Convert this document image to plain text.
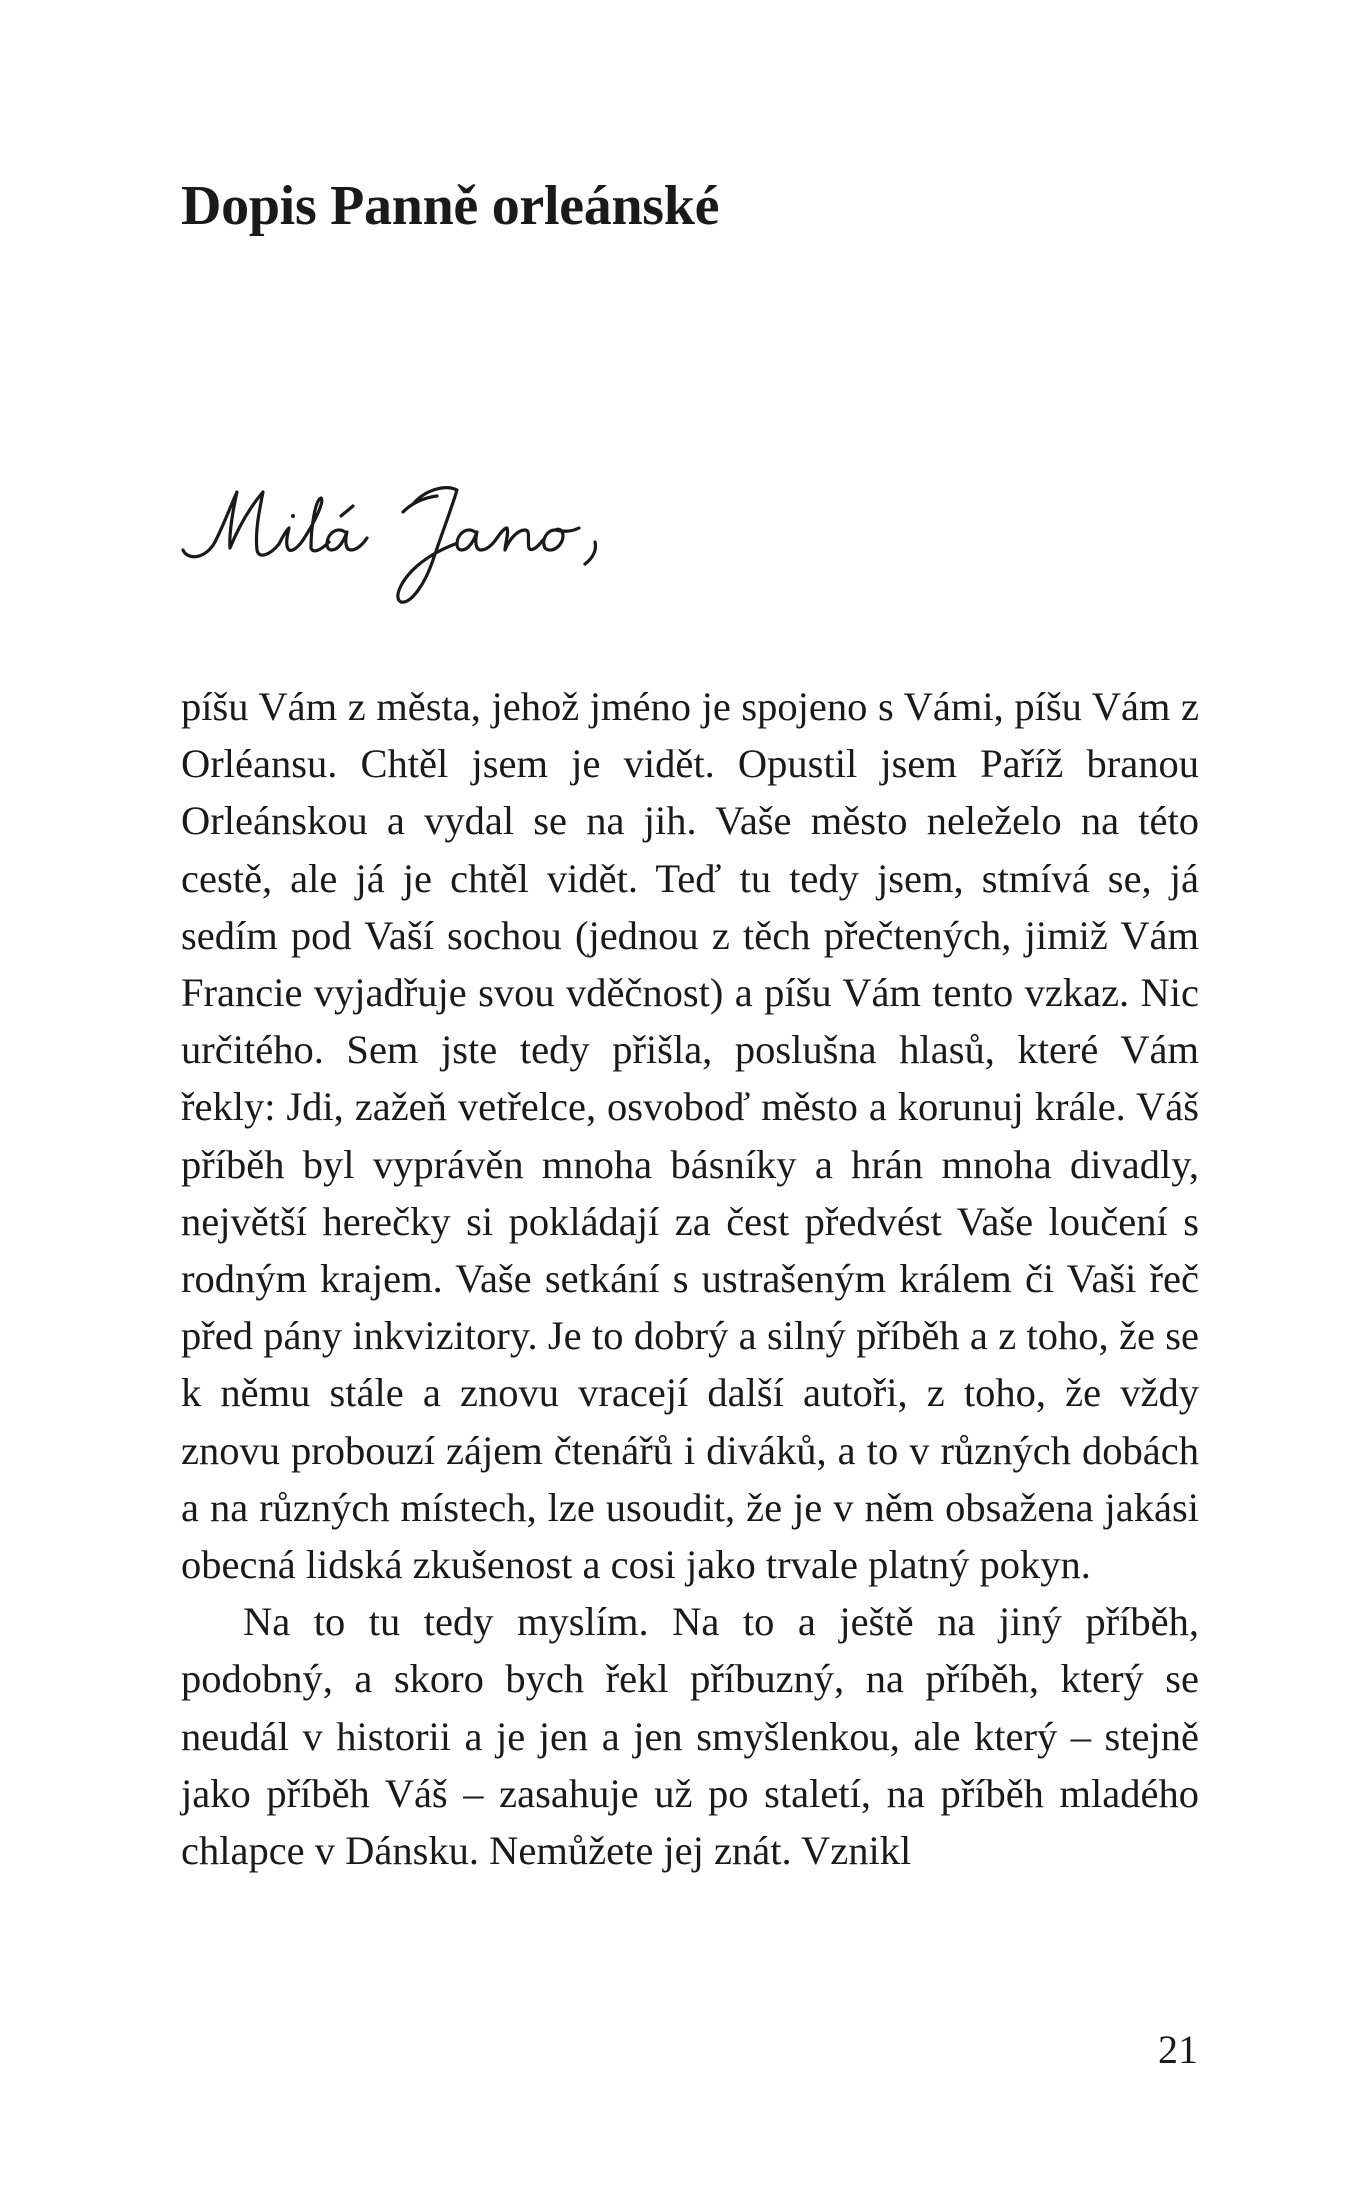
Dopis Panně orleánské

píšu Vám z města, jehož jméno je spojeno s Vámi, píšu Vám z Orléansu. Chtěl jsem je vidět. Opustil jsem Paříž branou Orleánskou a vydal se na jih. Vaše město neleželo na této cestě, ale já je chtěl vidět. Teď tu tedy jsem, stmívá se, já sedím pod Vaší sochou (jednou z těch přečtených, jimiž Vám Francie vyjadřuje svou vděčnost) a píšu Vám tento vzkaz. Nic určitého. Sem jste tedy přišla, poslušna hlasů, které Vám řekly: Jdi, zažeň vetřelce, osvoboď město a korunuj krále. Váš příběh byl vyprávěn mnoha básníky a hrán mnoha divadly, největší herečky si pokládají za čest předvést Vaše loučení s rodným krajem. Vaše setkání s ustrašeným králem či Vaši řeč před pány inkvizitory. Je to dobrý a silný příběh a z toho, že se k němu stále a znovu vracejí další autoři, z toho, že vždy znovu probouzí zájem čtenářů i diváků, a to v různých dobách a na různých místech, lze usoudit, že je v něm obsažena jakási obecná lidská zkušenost a cosi jako trvale platný pokyn.

Na to tu tedy myslím. Na to a ještě na jiný příběh, podobný, a skoro bych řekl příbuzný, na příběh, který se neudál v historii a je jen a jen smyšlenkou, ale který – stejně jako příběh Váš – zasahuje už po staletí, na příběh mladého chlapce v Dánsku. Nemůžete jej znát. Vznikl

21
